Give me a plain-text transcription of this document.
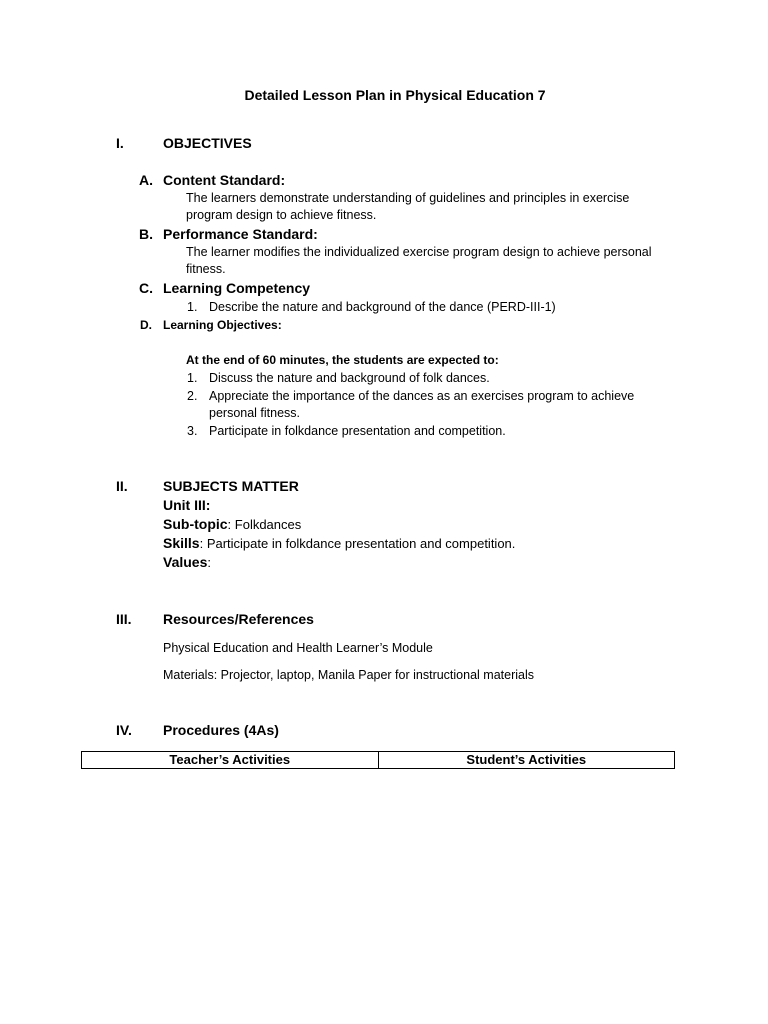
Detailed Lesson Plan in Physical Education 7
I.	OBJECTIVES
A. Content Standard:
The learners demonstrate understanding of guidelines and principles in exercise program design to achieve fitness.
B. Performance Standard:
The learner modifies the individualized exercise program design to achieve personal fitness.
C. Learning Competency
1. Describe the nature and background of the dance (PERD-III-1)
D. Learning Objectives:
At the end of 60 minutes, the students are expected to:
1. Discuss the nature and background of folk dances.
2. Appreciate the importance of the dances as an exercises program to achieve personal fitness.
3. Participate in folkdance presentation and competition.
II.	SUBJECTS MATTER
Unit III:
Sub-topic: Folkdances
Skills: Participate in folkdance presentation and competition.
Values:
III. Resources/References
Physical Education and Health Learner’s Module
Materials: Projector, laptop, Manila Paper for instructional materials
IV. Procedures (4As)
Teacher’s Activities	Student’s Activities
